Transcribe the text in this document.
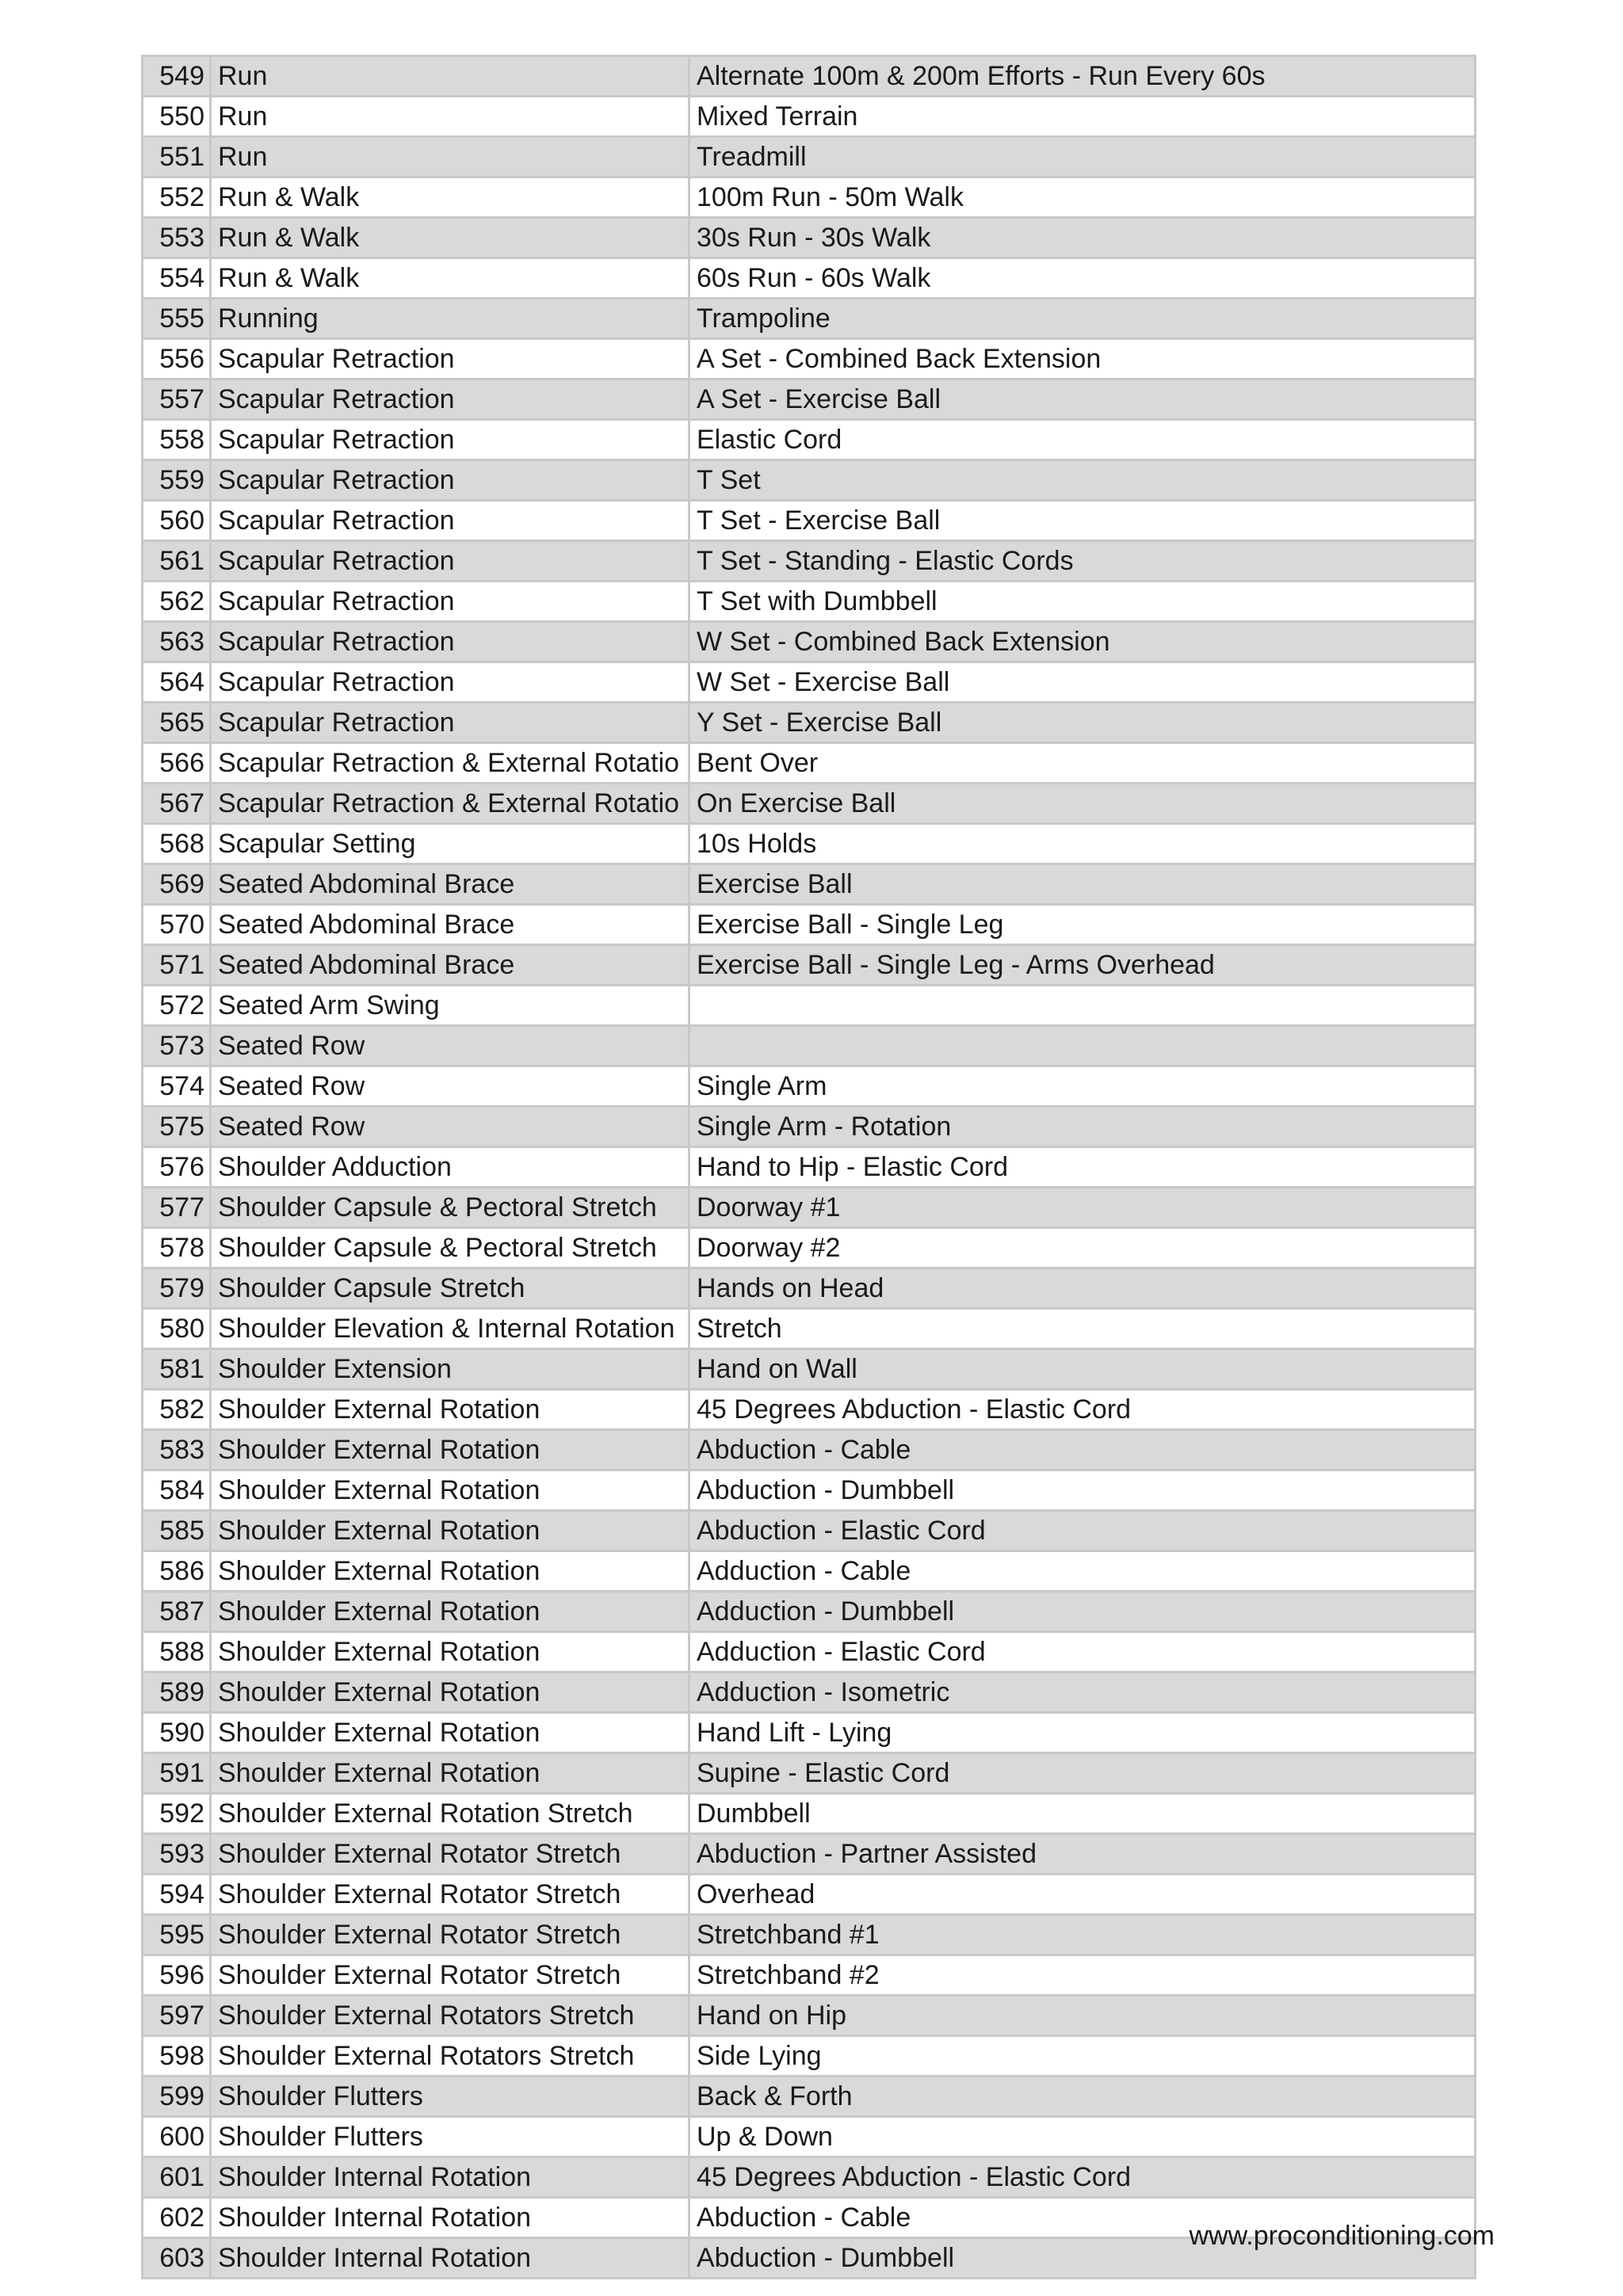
549	Run	Alternate 100m & 200m Efforts - Run Every 60s
550	Run	Mixed Terrain
551	Run	Treadmill
552	Run & Walk	100m Run - 50m Walk
553	Run & Walk	30s Run - 30s Walk
554	Run & Walk	60s Run - 60s Walk
555	Running	Trampoline
556	Scapular Retraction	A Set - Combined Back Extension
557	Scapular Retraction	A Set - Exercise Ball
558	Scapular Retraction	Elastic Cord
559	Scapular Retraction	T Set
560	Scapular Retraction	T Set - Exercise Ball
561	Scapular Retraction	T Set - Standing - Elastic Cords
562	Scapular Retraction	T Set with Dumbbell
563	Scapular Retraction	W Set - Combined Back Extension
564	Scapular Retraction	W Set - Exercise Ball
565	Scapular Retraction	Y Set - Exercise Ball
566	Scapular Retraction & External Rotatio	Bent Over
567	Scapular Retraction & External Rotatio	On Exercise Ball
568	Scapular Setting	10s Holds
569	Seated Abdominal Brace	Exercise Ball
570	Seated Abdominal Brace	Exercise Ball - Single Leg
571	Seated Abdominal Brace	Exercise Ball - Single Leg - Arms Overhead
572	Seated Arm Swing	
573	Seated Row	
574	Seated Row	Single Arm
575	Seated Row	Single Arm - Rotation
576	Shoulder Adduction	Hand to Hip - Elastic Cord
577	Shoulder Capsule & Pectoral Stretch	Doorway #1
578	Shoulder Capsule & Pectoral Stretch	Doorway #2
579	Shoulder Capsule Stretch	Hands on Head
580	Shoulder Elevation & Internal Rotation	Stretch
581	Shoulder Extension	Hand on Wall
582	Shoulder External Rotation	45 Degrees Abduction - Elastic Cord
583	Shoulder External Rotation	Abduction - Cable
584	Shoulder External Rotation	Abduction - Dumbbell
585	Shoulder External Rotation	Abduction - Elastic Cord
586	Shoulder External Rotation	Adduction - Cable
587	Shoulder External Rotation	Adduction - Dumbbell
588	Shoulder External Rotation	Adduction - Elastic Cord
589	Shoulder External Rotation	Adduction - Isometric
590	Shoulder External Rotation	Hand Lift - Lying
591	Shoulder External Rotation	Supine - Elastic Cord
592	Shoulder External Rotation Stretch	Dumbbell
593	Shoulder External Rotator Stretch	Abduction - Partner Assisted
594	Shoulder External Rotator Stretch	Overhead
595	Shoulder External Rotator Stretch	Stretchband #1
596	Shoulder External Rotator Stretch	Stretchband #2
597	Shoulder External Rotators Stretch	Hand on Hip
598	Shoulder External Rotators Stretch	Side Lying
599	Shoulder Flutters	Back & Forth
600	Shoulder Flutters	Up & Down
601	Shoulder Internal Rotation	45 Degrees Abduction - Elastic Cord
602	Shoulder Internal Rotation	Abduction - Cable
603	Shoulder Internal Rotation	Abduction - Dumbbell
www.proconditioning.com
